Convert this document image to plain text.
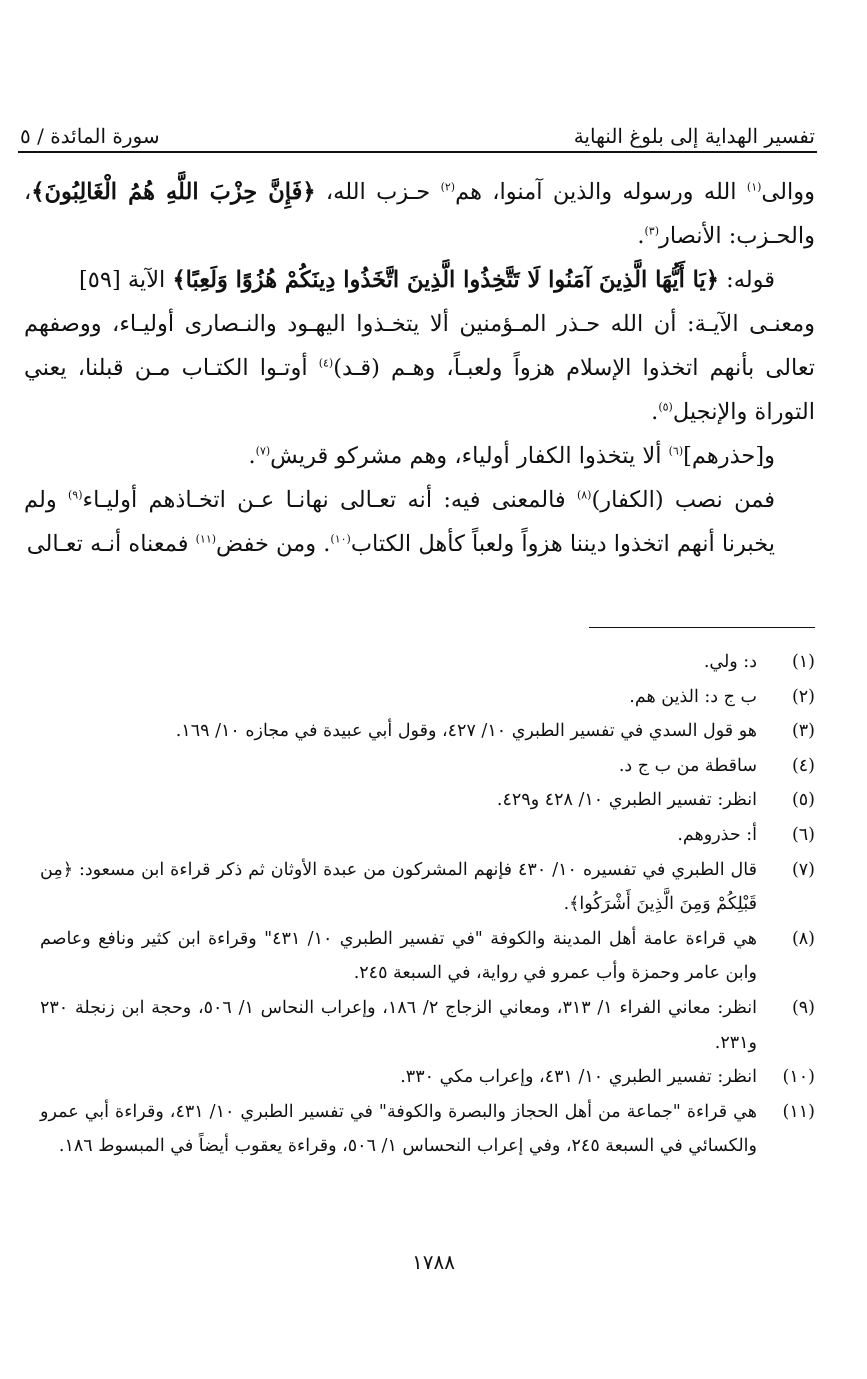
تفسير الهداية إلى بلوغ النهاية
سورة المائدة / ٥

ووالى$^{(١)}$ الله ورسوله والذين آمنوا، هم$^{(٢)}$ حـزب الله، ﴿فَإِنَّ حِزْبَ اللَّهِ هُمُ الْغَالِبُونَ﴾، والحـزب: الأنصار$^{(٣)}$.

قوله: ﴿يَا أَيُّهَا الَّذِينَ آمَنُوا لَا تَتَّخِذُوا الَّذِينَ اتَّخَذُوا دِينَكُمْ هُزُوًا وَلَعِبًا﴾ الآية [٥٩]

ومعنـى الآيـة: أن الله حـذر المـؤمنين ألا يتخـذوا اليهـود والنـصارى أوليـاء، ووصفهم تعالى بأنهم اتخذوا الإسلام هزواً ولعبـاً، وهـم (قـد)$^{(٤)}$ أوتـوا الكتـاب مـن قبلنا، يعني التوراة والإنجيل$^{(٥)}$.

و[حذرهم]$^{(٦)}$ ألا يتخذوا الكفار أولياء، وهم مشركو قريش$^{(٧)}$.

فمن نصب (الكفار)$^{(٨)}$ فالمعنى فيه: أنه تعـالى نهانـا عـن اتخـاذهم أوليـاء$^{(٩)}$ ولم يخبرنا أنهم اتخذوا ديننا هزواً ولعباً كأهل الكتاب$^{(١٠)}$. ومن خفض$^{(١١)}$ فمعناه أنـه تعـالى

(١)
د: ولي.
(٢)
ب ج د: الذين هم.
(٣)
هو قول السدي في تفسير الطبري ١٠/ ٤٢٧، وقول أبي عبيدة في مجازه ١٠/ ١٦٩.
(٤)
ساقطة من ب ج د.
(٥)
انظر: تفسير الطبري ١٠/ ٤٢٨ و٤٢٩.
(٦)
أ: حذروهم.
(٧)
قال الطبري في تفسيره ١٠/ ٤٣٠ فإنهم المشركون من عبدة الأوثان ثم ذكر قراءة ابن مسعود: ﴿مِن قَبْلِكُمْ وَمِنَ الَّذِينَ أَشْرَكُوا﴾.
(٨)
هي قراءة عامة أهل المدينة والكوفة "في تفسير الطبري ١٠/ ٤٣١" وقراءة ابن كثير ونافع وعاصم وابن عامر وحمزة وأب عمرو في رواية، في السبعة ٢٤٥.
(٩)
انظر: معاني الفراء ١/ ٣١٣، ومعاني الزجاج ٢/ ١٨٦، وإعراب النحاس ١/ ٥٠٦، وحجة ابن زنجلة ٢٣٠ و٢٣١.
(١٠)
انظر: تفسير الطبري ١٠/ ٤٣١، وإعراب مكي ٣٣٠.
(١١)
هي قراءة "جماعة من أهل الحجاز والبصرة والكوفة" في تفسير الطبري ١٠/ ٤٣١، وقراءة أبي عمرو والكسائي في السبعة ٢٤٥، وفي إعراب النحساس ١/ ٥٠٦، وقراءة يعقوب أيضاً في المبسوط ١٨٦.
١٧٨٨
